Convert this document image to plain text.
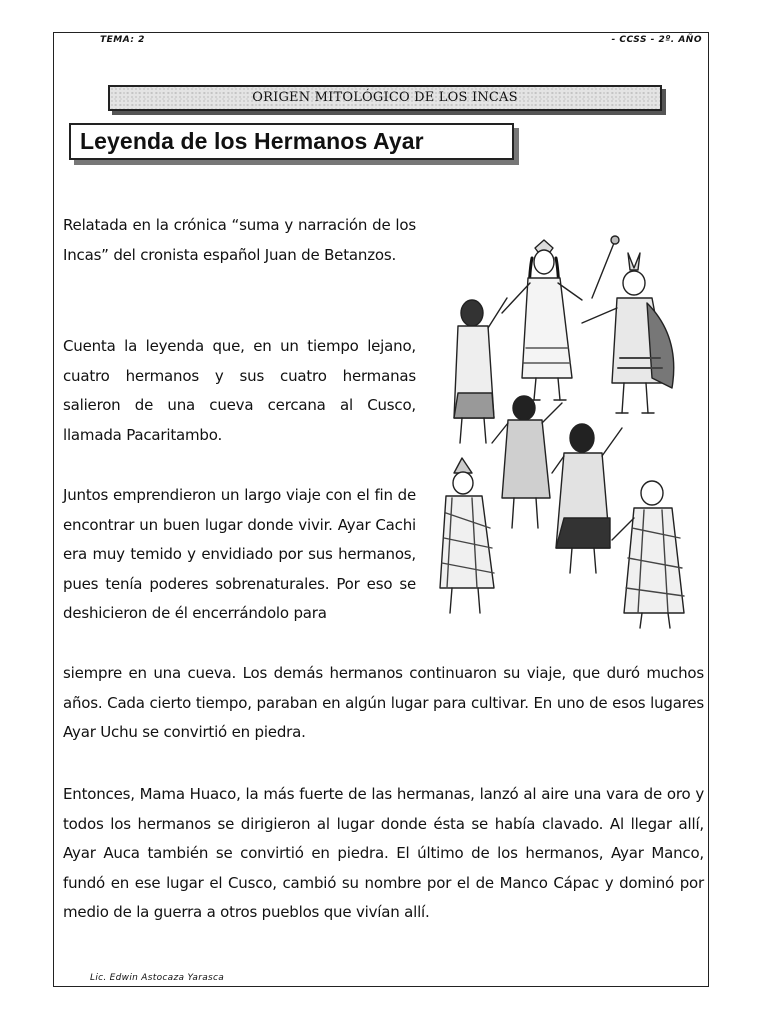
TEMA: 2	- CCSS - 2º. AÑO
ORIGEN MITOLÓGICO DE LOS INCAS
Leyenda de los Hermanos Ayar

Relatada en la crónica “suma y narración de los Incas” del cronista español Juan de Betanzos.

Cuenta la leyenda que, en un tiempo lejano, cuatro hermanos y sus cuatro hermanas salieron de una cueva cercana al Cusco, llamada Pacaritambo.

Juntos emprendieron un largo viaje con el fin de encontrar un buen lugar donde vivir. Ayar Cachi era muy temido y envidiado por sus hermanos, pues tenía poderes sobrenaturales. Por eso se deshicieron de él encerrándolo para

siempre en una cueva. Los demás hermanos continuaron su viaje, que duró muchos años. Cada cierto tiempo, paraban en algún lugar para cultivar. En uno de esos lugares Ayar Uchu se convirtió en piedra.

Entonces, Mama Huaco, la más fuerte de las hermanas, lanzó al aire una vara de oro y todos los hermanos se dirigieron al lugar donde ésta se había clavado. Al llegar allí, Ayar Auca también se convirtió en piedra. El último de los hermanos, Ayar Manco, fundó en ese lugar el Cusco, cambió su nombre por el de Manco Cápac y dominó por medio de la guerra a otros pueblos que vivían allí.

Lic. Edwin Astocaza Yarasca
